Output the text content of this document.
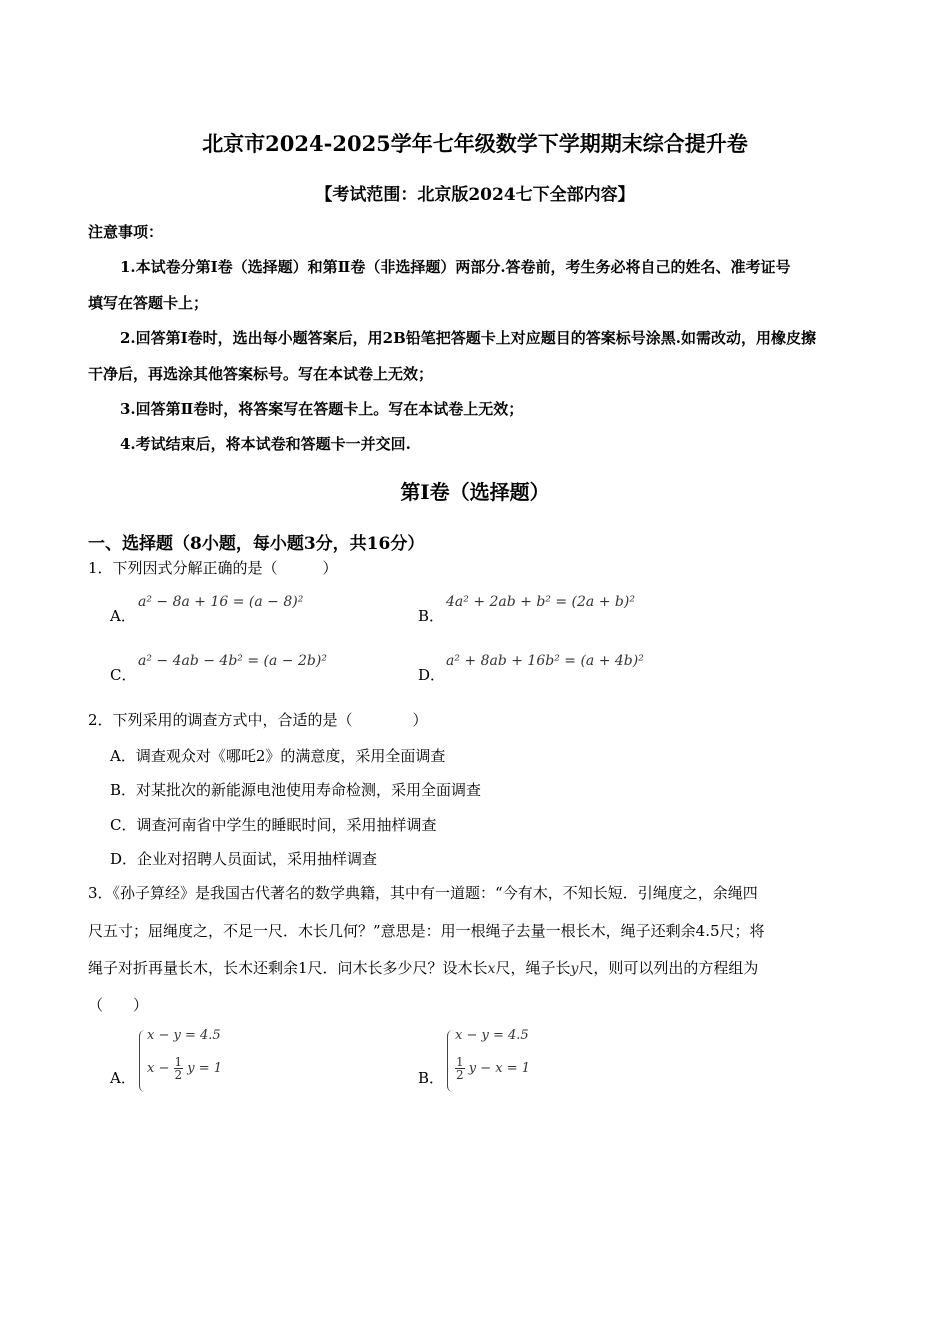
北京市2024-2025学年七年级数学下学期期末综合提升卷
【考试范围：北京版2024七下全部内容】
注意事项：
1.本试卷分第Ⅰ卷（选择题）和第Ⅱ卷（非选择题）两部分.答卷前，考生务必将自己的姓名、准考证号
填写在答题卡上；
2.回答第Ⅰ卷时，选出每小题答案后，用2B铅笔把答题卡上对应题目的答案标号涂黑.如需改动，用橡皮擦
干净后，再选涂其他答案标号。写在本试卷上无效；
3.回答第Ⅱ卷时，将答案写在答题卡上。写在本试卷上无效；
4.考试结束后，将本试卷和答题卡一并交回.
第I卷（选择题）
一、选择题（8小题，每小题3分，共16分）
1．下列因式分解正确的是（　　　）
A．
a² − 8a + 16 = (a − 8)²
B．
4a² + 2ab + b² = (2a + b)²
C．
a² − 4ab − 4b² = (a − 2b)²
D．
a² + 8ab + 16b² = (a + 4b)²
2．下列采用的调查方式中，合适的是（　　　　）
A．调查观众对《哪吒2》的满意度，采用全面调查
B．对某批次的新能源电池使用寿命检测，采用全面调查
C．调查河南省中学生的睡眠时间，采用抽样调查
D．企业对招聘人员面试，采用抽样调查
3．《孙子算经》是我国古代著名的数学典籍，其中有一道题：“今有木，不知长短．引绳度之，余绳四
尺五寸；屈绳度之，不足一尺．木长几何？”意思是：用一根绳子去量一根长木，绳子还剩余4.5尺；将
绳子对折再量长木，长木还剩余1尺．问木长多少尺？设木长x尺，绳子长y尺，则可以列出的方程组为
（　　）
A．
x − y = 4.5
$x - \frac{1}{2}$ y = 1
B．
x − y = 4.5
$\frac{1}{2}$ y − x = 1
